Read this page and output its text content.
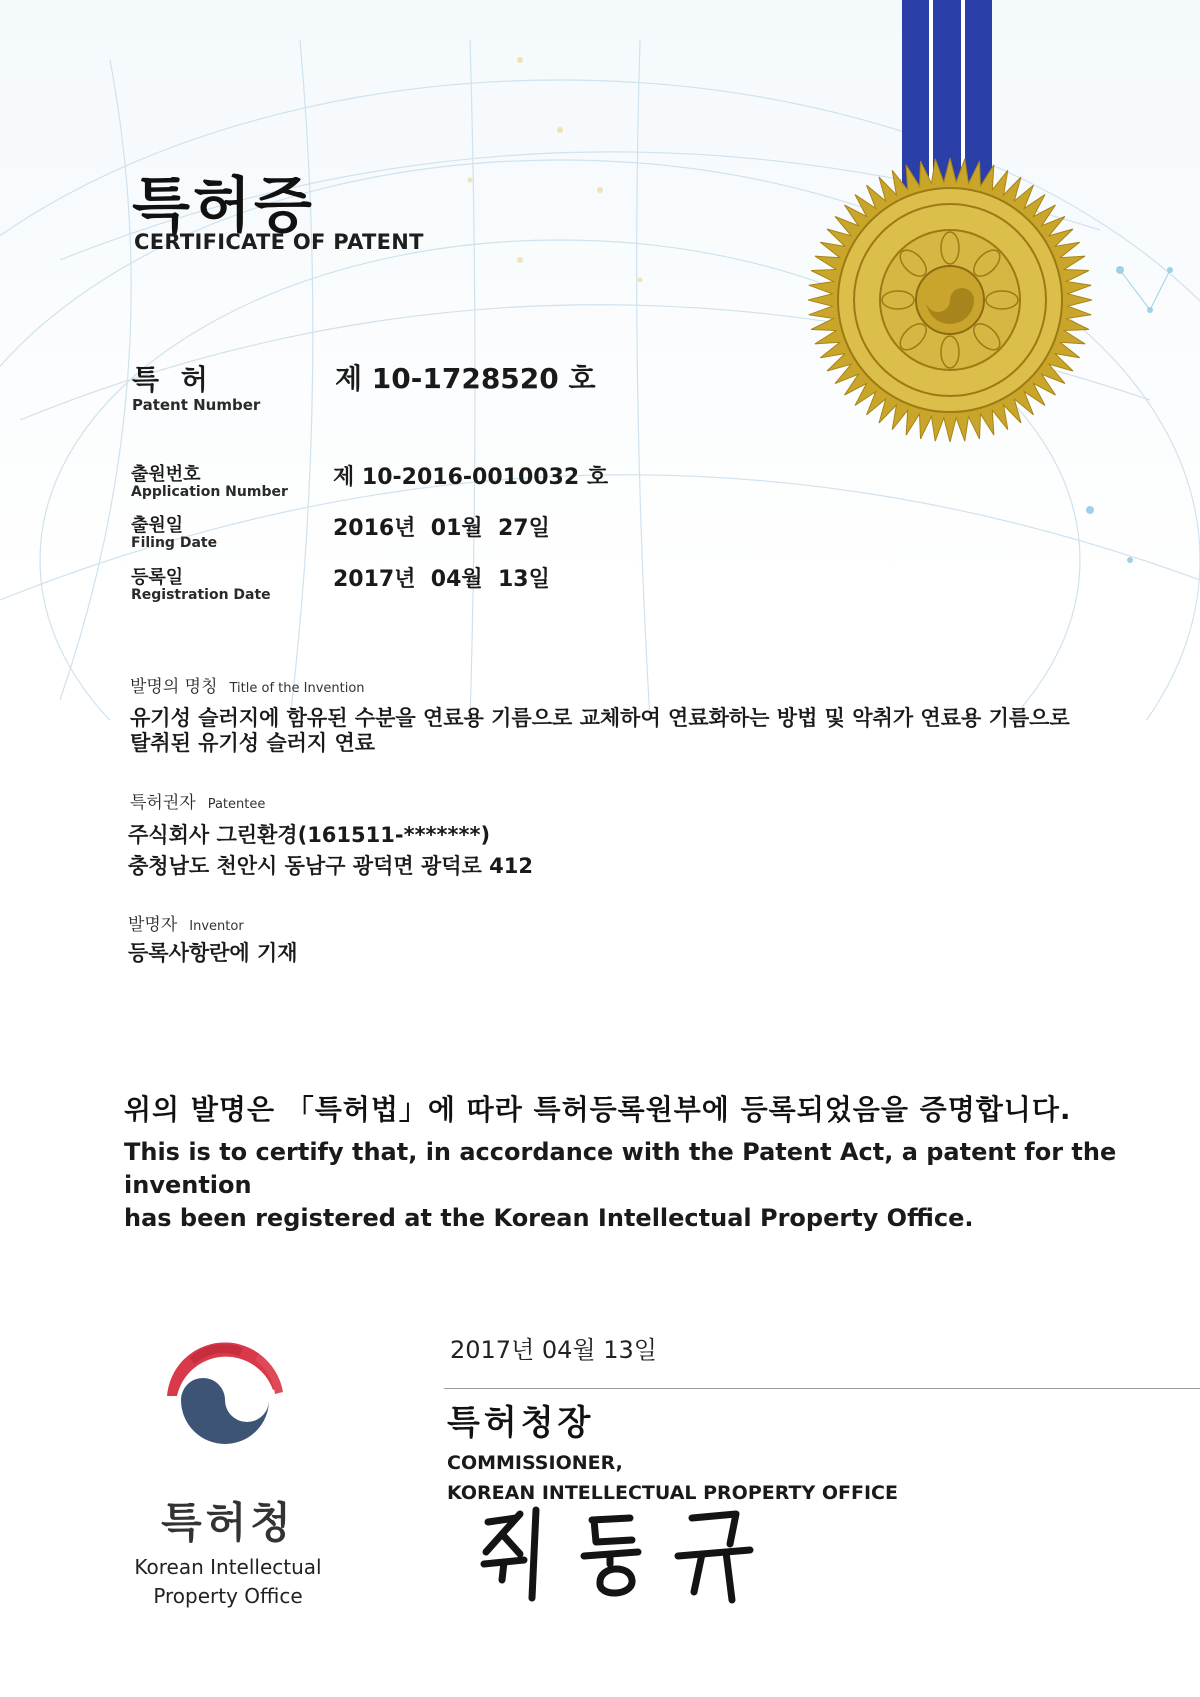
특허증
CERTIFICATE OF PATENT
특 허
Patent Number
제 10-1728520 호
출원번호
Application Number
제 10-2016-0010032 호
출원일
Filing Date
2016년  01월  27일
등록일
Registration Date
2017년  04월  13일
발명의 명칭 Title of the Invention
유기성 슬러지에 함유된 수분을 연료용 기름으로 교체하여 연료화하는 방법 및 악취가 연료용 기름으로
탈취된 유기성 슬러지 연료
특허권자 Patentee
주식회사 그린환경(161511-*******)
충청남도 천안시 동남구 광덕면 광덕로 412
발명자 Inventor
등록사항란에 기재
위의 발명은 「특허법」에 따라 특허등록원부에 등록되었음을 증명합니다.
This is to certify that, in accordance with the Patent Act, a patent for the invention
has been registered at the Korean Intellectual Property Office.
2017년 04월 13일
특허청장
COMMISSIONER,
KOREAN INTELLECTUAL PROPERTY OFFICE
특허청
Korean Intellectual
Property Office
